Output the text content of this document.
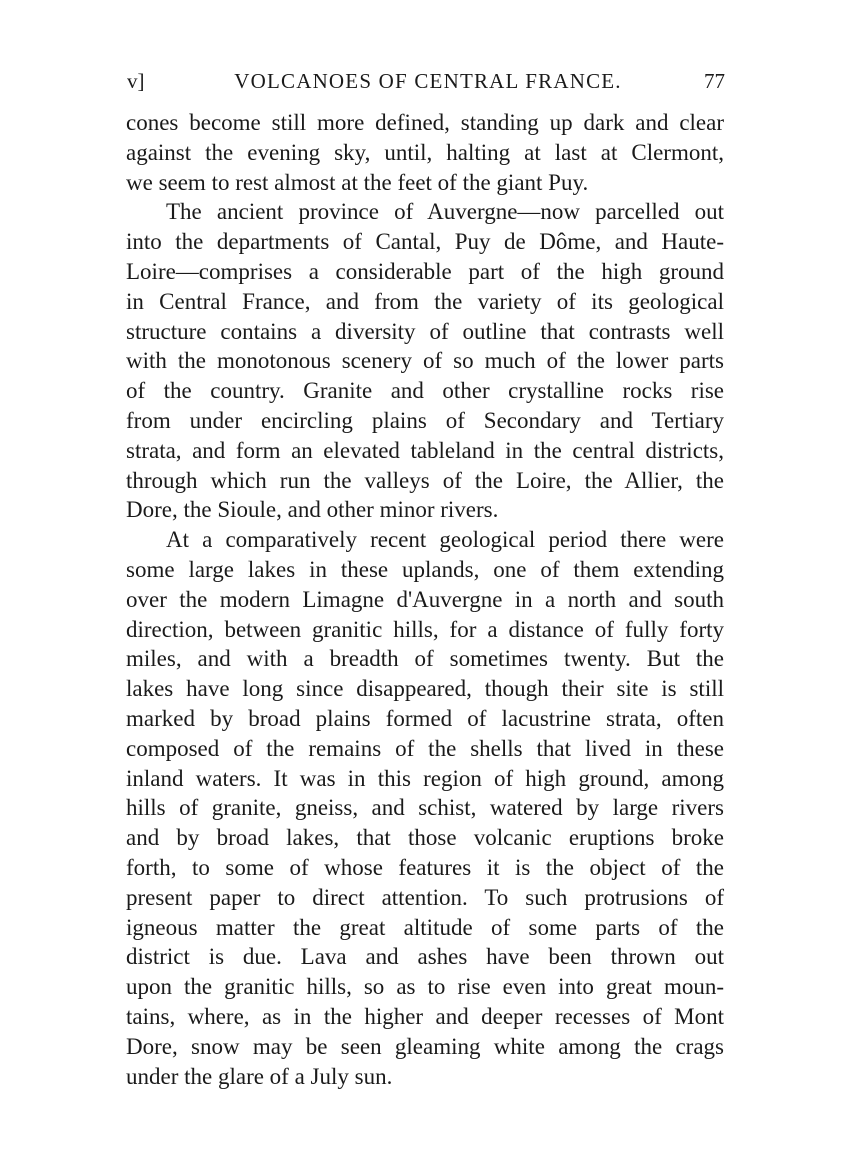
v]	VOLCANOES OF CENTRAL FRANCE.	77
cones become still more defined, standing up dark and clear
against the evening sky, until, halting at last at Clermont,
we seem to rest almost at the feet of the giant Puy.
The ancient province of Auvergne—now parcelled out
into the departments of Cantal, Puy de Dôme, and Haute-
Loire—comprises a considerable part of the high ground
in Central France, and from the variety of its geological
structure contains a diversity of outline that contrasts well
with the monotonous scenery of so much of the lower parts
of the country. Granite and other crystalline rocks rise
from under encircling plains of Secondary and Tertiary
strata, and form an elevated tableland in the central districts,
through which run the valleys of the Loire, the Allier, the
Dore, the Sioule, and other minor rivers.
At a comparatively recent geological period there were
some large lakes in these uplands, one of them extending
over the modern Limagne d'Auvergne in a north and south
direction, between granitic hills, for a distance of fully forty
miles, and with a breadth of sometimes twenty. But the
lakes have long since disappeared, though their site is still
marked by broad plains formed of lacustrine strata, often
composed of the remains of the shells that lived in these
inland waters. It was in this region of high ground, among
hills of granite, gneiss, and schist, watered by large rivers
and by broad lakes, that those volcanic eruptions broke
forth, to some of whose features it is the object of the
present paper to direct attention. To such protrusions of
igneous matter the great altitude of some parts of the
district is due. Lava and ashes have been thrown out
upon the granitic hills, so as to rise even into great moun-
tains, where, as in the higher and deeper recesses of Mont
Dore, snow may be seen gleaming white among the crags
under the glare of a July sun.
